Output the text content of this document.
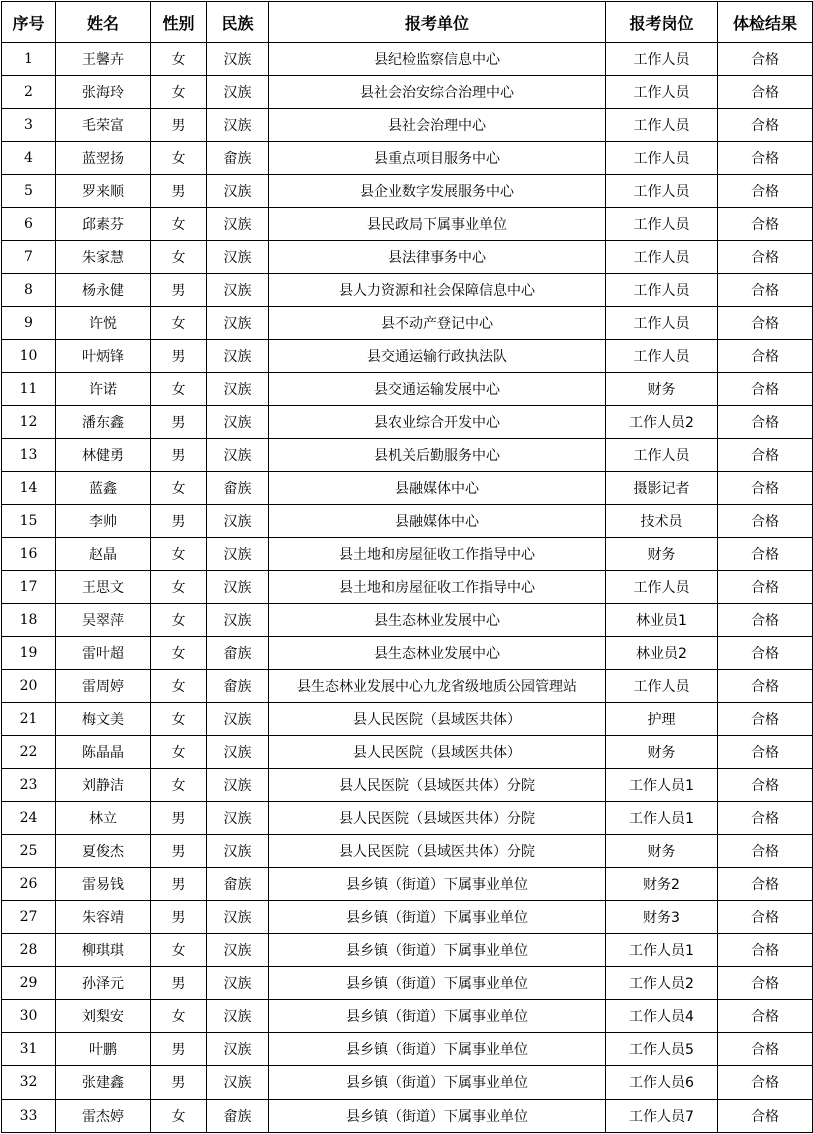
序号	姓名	性别	民族	报考单位	报考岗位	体检结果
1	王馨卉	女	汉族	县纪检监察信息中心	工作人员	合格
2	张海玲	女	汉族	县社会治安综合治理中心	工作人员	合格
3	毛荣富	男	汉族	县社会治理中心	工作人员	合格
4	蓝翌扬	女	畲族	县重点项目服务中心	工作人员	合格
5	罗来顺	男	汉族	县企业数字发展服务中心	工作人员	合格
6	邱素芬	女	汉族	县民政局下属事业单位	工作人员	合格
7	朱家慧	女	汉族	县法律事务中心	工作人员	合格
8	杨永健	男	汉族	县人力资源和社会保障信息中心	工作人员	合格
9	许悦	女	汉族	县不动产登记中心	工作人员	合格
10	叶炳锋	男	汉族	县交通运输行政执法队	工作人员	合格
11	许诺	女	汉族	县交通运输发展中心	财务	合格
12	潘东鑫	男	汉族	县农业综合开发中心	工作人员2	合格
13	林健勇	男	汉族	县机关后勤服务中心	工作人员	合格
14	蓝鑫	女	畲族	县融媒体中心	摄影记者	合格
15	李帅	男	汉族	县融媒体中心	技术员	合格
16	赵晶	女	汉族	县土地和房屋征收工作指导中心	财务	合格
17	王思文	女	汉族	县土地和房屋征收工作指导中心	工作人员	合格
18	吴翠萍	女	汉族	县生态林业发展中心	林业员1	合格
19	雷叶超	女	畲族	县生态林业发展中心	林业员2	合格
20	雷周婷	女	畲族	县生态林业发展中心九龙省级地质公园管理站	工作人员	合格
21	梅文美	女	汉族	县人民医院（县域医共体）	护理	合格
22	陈晶晶	女	汉族	县人民医院（县域医共体）	财务	合格
23	刘静洁	女	汉族	县人民医院（县域医共体）分院	工作人员1	合格
24	林立	男	汉族	县人民医院（县域医共体）分院	工作人员1	合格
25	夏俊杰	男	汉族	县人民医院（县域医共体）分院	财务	合格
26	雷易钱	男	畲族	县乡镇（街道）下属事业单位	财务2	合格
27	朱容靖	男	汉族	县乡镇（街道）下属事业单位	财务3	合格
28	柳琪琪	女	汉族	县乡镇（街道）下属事业单位	工作人员1	合格
29	孙泽元	男	汉族	县乡镇（街道）下属事业单位	工作人员2	合格
30	刘梨安	女	汉族	县乡镇（街道）下属事业单位	工作人员4	合格
31	叶鹏	男	汉族	县乡镇（街道）下属事业单位	工作人员5	合格
32	张建鑫	男	汉族	县乡镇（街道）下属事业单位	工作人员6	合格
33	雷杰婷	女	畲族	县乡镇（街道）下属事业单位	工作人员7	合格
